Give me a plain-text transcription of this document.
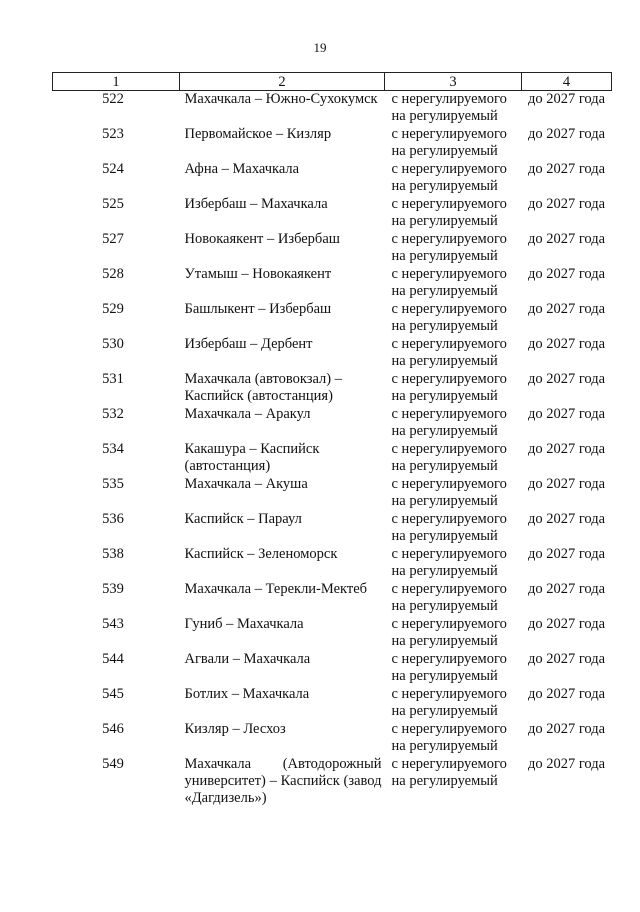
19
1	2	3	4
522	Махачкала – Южно-Сухокумск	с нерегулируемого на регулируемый	до 2027 года
523	Первомайское – Кизляр	с нерегулируемого на регулируемый	до 2027 года
524	Афна – Махачкала	с нерегулируемого на регулируемый	до 2027 года
525	Избербаш – Махачкала	с нерегулируемого на регулируемый	до 2027 года
527	Новокаякент – Избербаш	с нерегулируемого на регулируемый	до 2027 года
528	Утамыш – Новокаякент	с нерегулируемого на регулируемый	до 2027 года
529	Башлыкент – Избербаш	с нерегулируемого на регулируемый	до 2027 года
530	Избербаш – Дербент	с нерегулируемого на регулируемый	до 2027 года
531	Махачкала (автовокзал) – Каспийск (автостанция)	с нерегулируемого на регулируемый	до 2027 года
532	Махачкала – Аракул	с нерегулируемого на регулируемый	до 2027 года
534	Какашура – Каспийск (автостанция)	с нерегулируемого на регулируемый	до 2027 года
535	Махачкала – Акуша	с нерегулируемого на регулируемый	до 2027 года
536	Каспийск – Параул	с нерегулируемого на регулируемый	до 2027 года
538	Каспийск – Зеленоморск	с нерегулируемого на регулируемый	до 2027 года
539	Махачкала – Терекли-Мектеб	с нерегулируемого на регулируемый	до 2027 года
543	Гуниб – Махачкала	с нерегулируемого на регулируемый	до 2027 года
544	Агвали – Махачкала	с нерегулируемого на регулируемый	до 2027 года
545	Ботлих – Махачкала	с нерегулируемого на регулируемый	до 2027 года
546	Кизляр – Лесхоз	с нерегулируемого на регулируемый	до 2027 года
549	Махачкала (Автодорожный университет) – Каспийск (завод «Дагдизель»)	с нерегулируемого на регулируемый	до 2027 года
